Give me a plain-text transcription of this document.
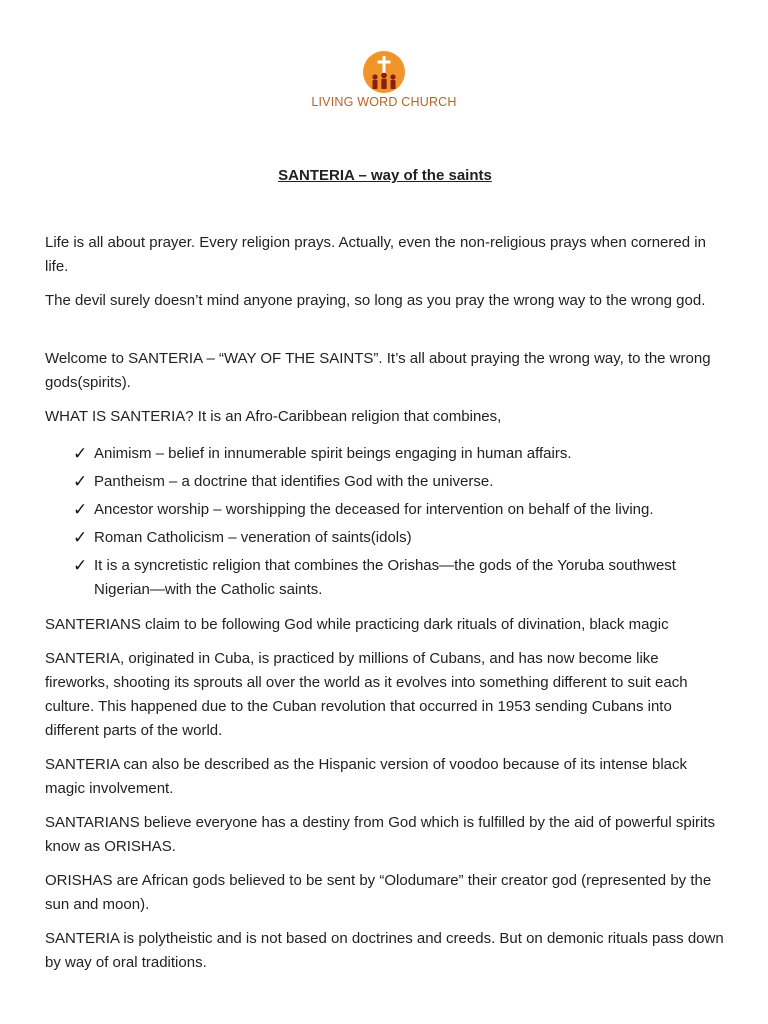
LIVING WORD CHURCH
SANTERIA – way of the saints

Life is all about prayer. Every religion prays. Actually, even the non-religious prays when cornered in life.

The devil surely doesn’t mind anyone praying, so long as you pray the wrong way to the wrong god.

Welcome to SANTERIA – “WAY OF THE SAINTS”. It’s all about praying the wrong way, to the wrong gods(spirits).

WHAT IS SANTERIA? It is an Afro-Caribbean religion that combines,

✓ Animism – belief in innumerable spirit beings engaging in human affairs.
✓ Pantheism – a doctrine that identifies God with the universe.
✓ Ancestor worship – worshipping the deceased for intervention on behalf of the living.
✓ Roman Catholicism – veneration of saints(idols)
✓ It is a syncretistic religion that combines the Orishas—the gods of the Yoruba southwest Nigerian—with the Catholic saints.

SANTERIANS claim to be following God while practicing dark rituals of divination, black magic

SANTERIA, originated in Cuba, is practiced by millions of Cubans, and has now become like fireworks, shooting its sprouts all over the world as it evolves into something different to suit each culture. This happened due to the Cuban revolution that occurred in 1953 sending Cubans into different parts of the world.

SANTERIA can also be described as the Hispanic version of voodoo because of its intense black magic involvement.

SANTARIANS believe everyone has a destiny from God which is fulfilled by the aid of powerful spirits know as ORISHAS.

ORISHAS are African gods believed to be sent by “Olodumare” their creator god (represented by the sun and moon).

SANTERIA is polytheistic and is not based on doctrines and creeds. But on demonic rituals pass down by way of oral traditions.
